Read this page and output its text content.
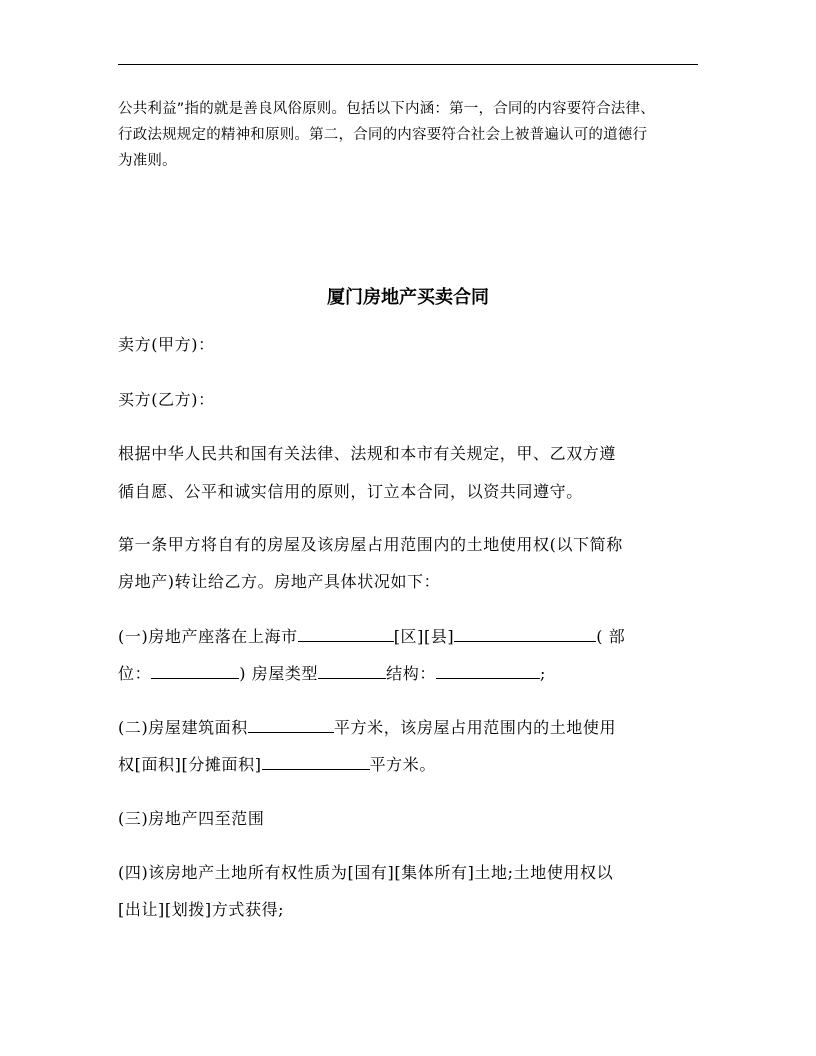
公共利益”指的就是善良风俗原则。包括以下内涵：第一，合同的内容要符合法律、
行政法规规定的精神和原则。第二，合同的内容要符合社会上被普遍认可的道德行
为准则。
厦门房地产买卖合同
卖方(甲方)：
买方(乙方)：
根据中华人民共和国有关法律、法规和本市有关规定，甲、乙双方遵
循自愿、公平和诚实信用的原则，订立本合同，以资共同遵守。
第一条甲方将自有的房屋及该房屋占用范围内的土地使用权(以下简称
房地产)转让给乙方。房地产具体状况如下：
(一)房地产座落在上海市	[区][县]	( 部
位：	) 房屋类型	结构：	;
(二)房屋建筑面积	平方米，该房屋占用范围内的土地使用
权[面积][分摊面积]	平方米。
(三)房地产四至范围
(四)该房地产土地所有权性质为[国有][集体所有]土地;土地使用权以
[出让][划拨]方式获得;
